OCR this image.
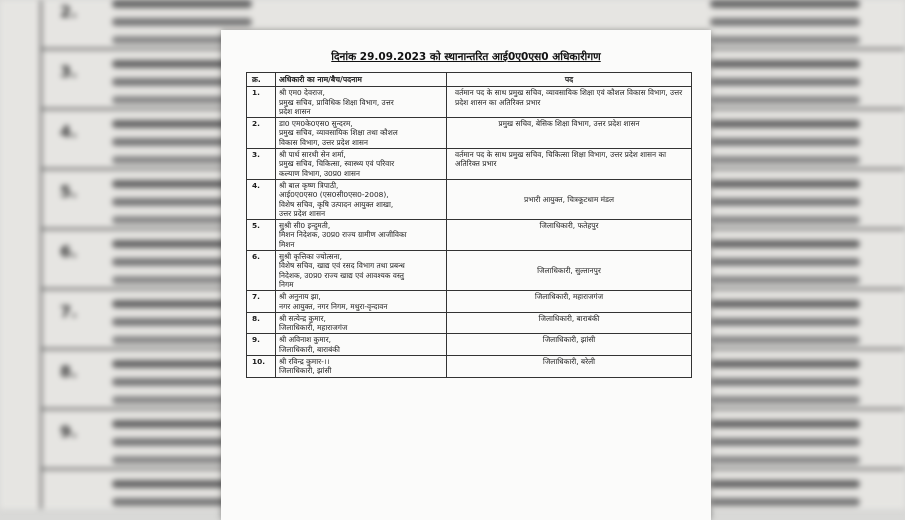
2.
3.
4.
5.
6.
7.
8.
9.
दिनांक 29.09.2023 को स्थानान्तरित आई0ए0एस0 अधिकारीगण
क्र.	अधिकारी का नाम/बैच/पदनाम	पद
1.	श्री एम0 देवराज,
प्रमुख सचिव, प्राविधिक शिक्षा विभाग, उत्तर
प्रदेश शासन	वर्तमान पद के साथ प्रमुख सचिव, व्यावसायिक शिक्षा एवं कौशल विकास विभाग, उत्तर प्रदेश शासन का अतिरिक्त प्रभार
2.	डा0 एम0के0एस0 सुन्दरम,
प्रमुख सचिव, व्यावसायिक शिक्षा तथा कौशल
विकास विभाग, उत्तर प्रदेश शासन	प्रमुख सचिव, बेसिक शिक्षा विभाग, उत्तर प्रदेश शासन
3.	श्री पार्थ सारथी सेन शर्मा,
प्रमुख सचिव, चिकित्सा, स्वास्थ्य एवं परिवार
कल्याण विभाग, उ0प्र0 शासन	वर्तमान पद के साथ प्रमुख सचिव, चिकित्सा शिक्षा विभाग, उत्तर प्रदेश शासन का अतिरिक्त प्रभार
4.	श्री बाल कृष्ण त्रिपाठी,
आई0ए0एस0 (एस0सी0एस0-2008),
विशेष सचिव, कृषि उत्पादन आयुक्त शाखा,
उत्तर प्रदेश शासन	प्रभारी आयुक्त, चित्रकूटधाम मंडल
5.	सुश्री सी0 इन्दुमती,
मिशन निदेशक, उ0प्र0 राज्य ग्रामीण आजीविका
मिशन	जिलाधिकारी, फतेहपुर
6.	सुश्री कृत्तिका ज्योत्सना,
विशेष सचिव, खाद्य एवं रसद विभाग तथा प्रबन्ध
निदेशक, उ0प्र0 राज्य खाद्य एवं आवश्यक वस्तु
निगम	जिलाधिकारी, सुल्तानपुर
7.	श्री अनुनाय झा,
नगर आयुक्त, नगर निगम, मथुरा-वृन्दावन	जिलाधिकारी, महाराजगंज
8.	श्री सत्येन्द्र कुमार,
जिलाधिकारी, महाराजगंज	जिलाधिकारी, बाराबंकी
9.	श्री अविनाश कुमार,
जिलाधिकारी, बाराबंकी	जिलाधिकारी, झांसी
10.	श्री रविन्द्र कुमार-।।
जिलाधिकारी, झांसी	जिलाधिकारी, बरेली
